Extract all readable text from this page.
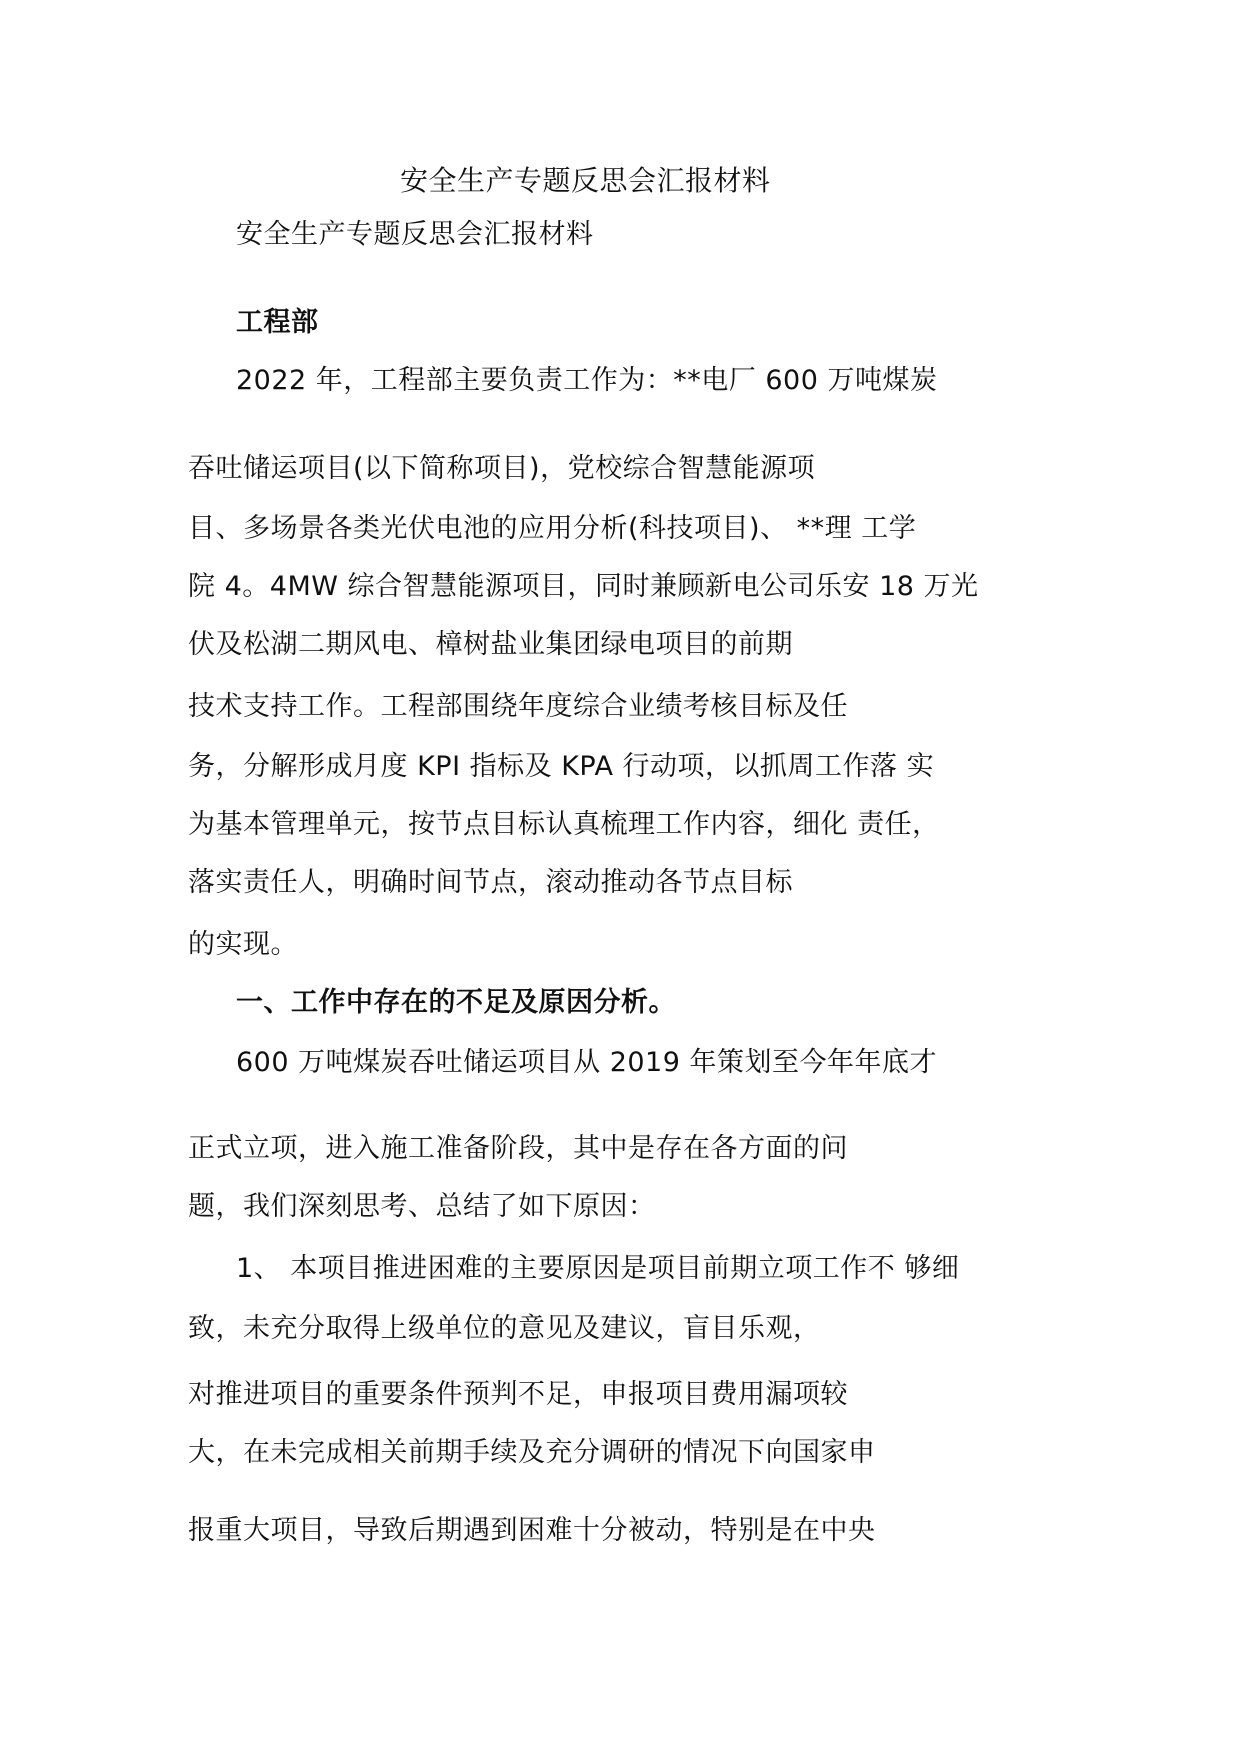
安全生产专题反思会汇报材料
安全生产专题反思会汇报材料
工程部
2022 年，工程部主要负责工作为：**电厂 600 万吨煤炭
吞吐储运项目(以下简称项目)，党校综合智慧能源项
目、多场景各类光伏电池的应用分析(科技项目)、 **理 工学
院 4。4MW 综合智慧能源项目，同时兼顾新电公司乐安 18 万光
伏及松湖二期风电、樟树盐业集团绿电项目的前期
技术支持工作。工程部围绕年度综合业绩考核目标及任
务，分解形成月度 KPI 指标及 KPA 行动项，以抓周工作落 实
为基本管理单元，按节点目标认真梳理工作内容，细化 责任，
落实责任人，明确时间节点，滚动推动各节点目标
的实现。
一、工作中存在的不足及原因分析。
600 万吨煤炭吞吐储运项目从 2019 年策划至今年年底才
正式立项，进入施工准备阶段，其中是存在各方面的问
题，我们深刻思考、总结了如下原因：
1、 本项目推进困难的主要原因是项目前期立项工作不 够细
致，未充分取得上级单位的意见及建议，盲目乐观，
对推进项目的重要条件预判不足，申报项目费用漏项较
大，在未完成相关前期手续及充分调研的情况下向国家申
报重大项目，导致后期遇到困难十分被动，特别是在中央
